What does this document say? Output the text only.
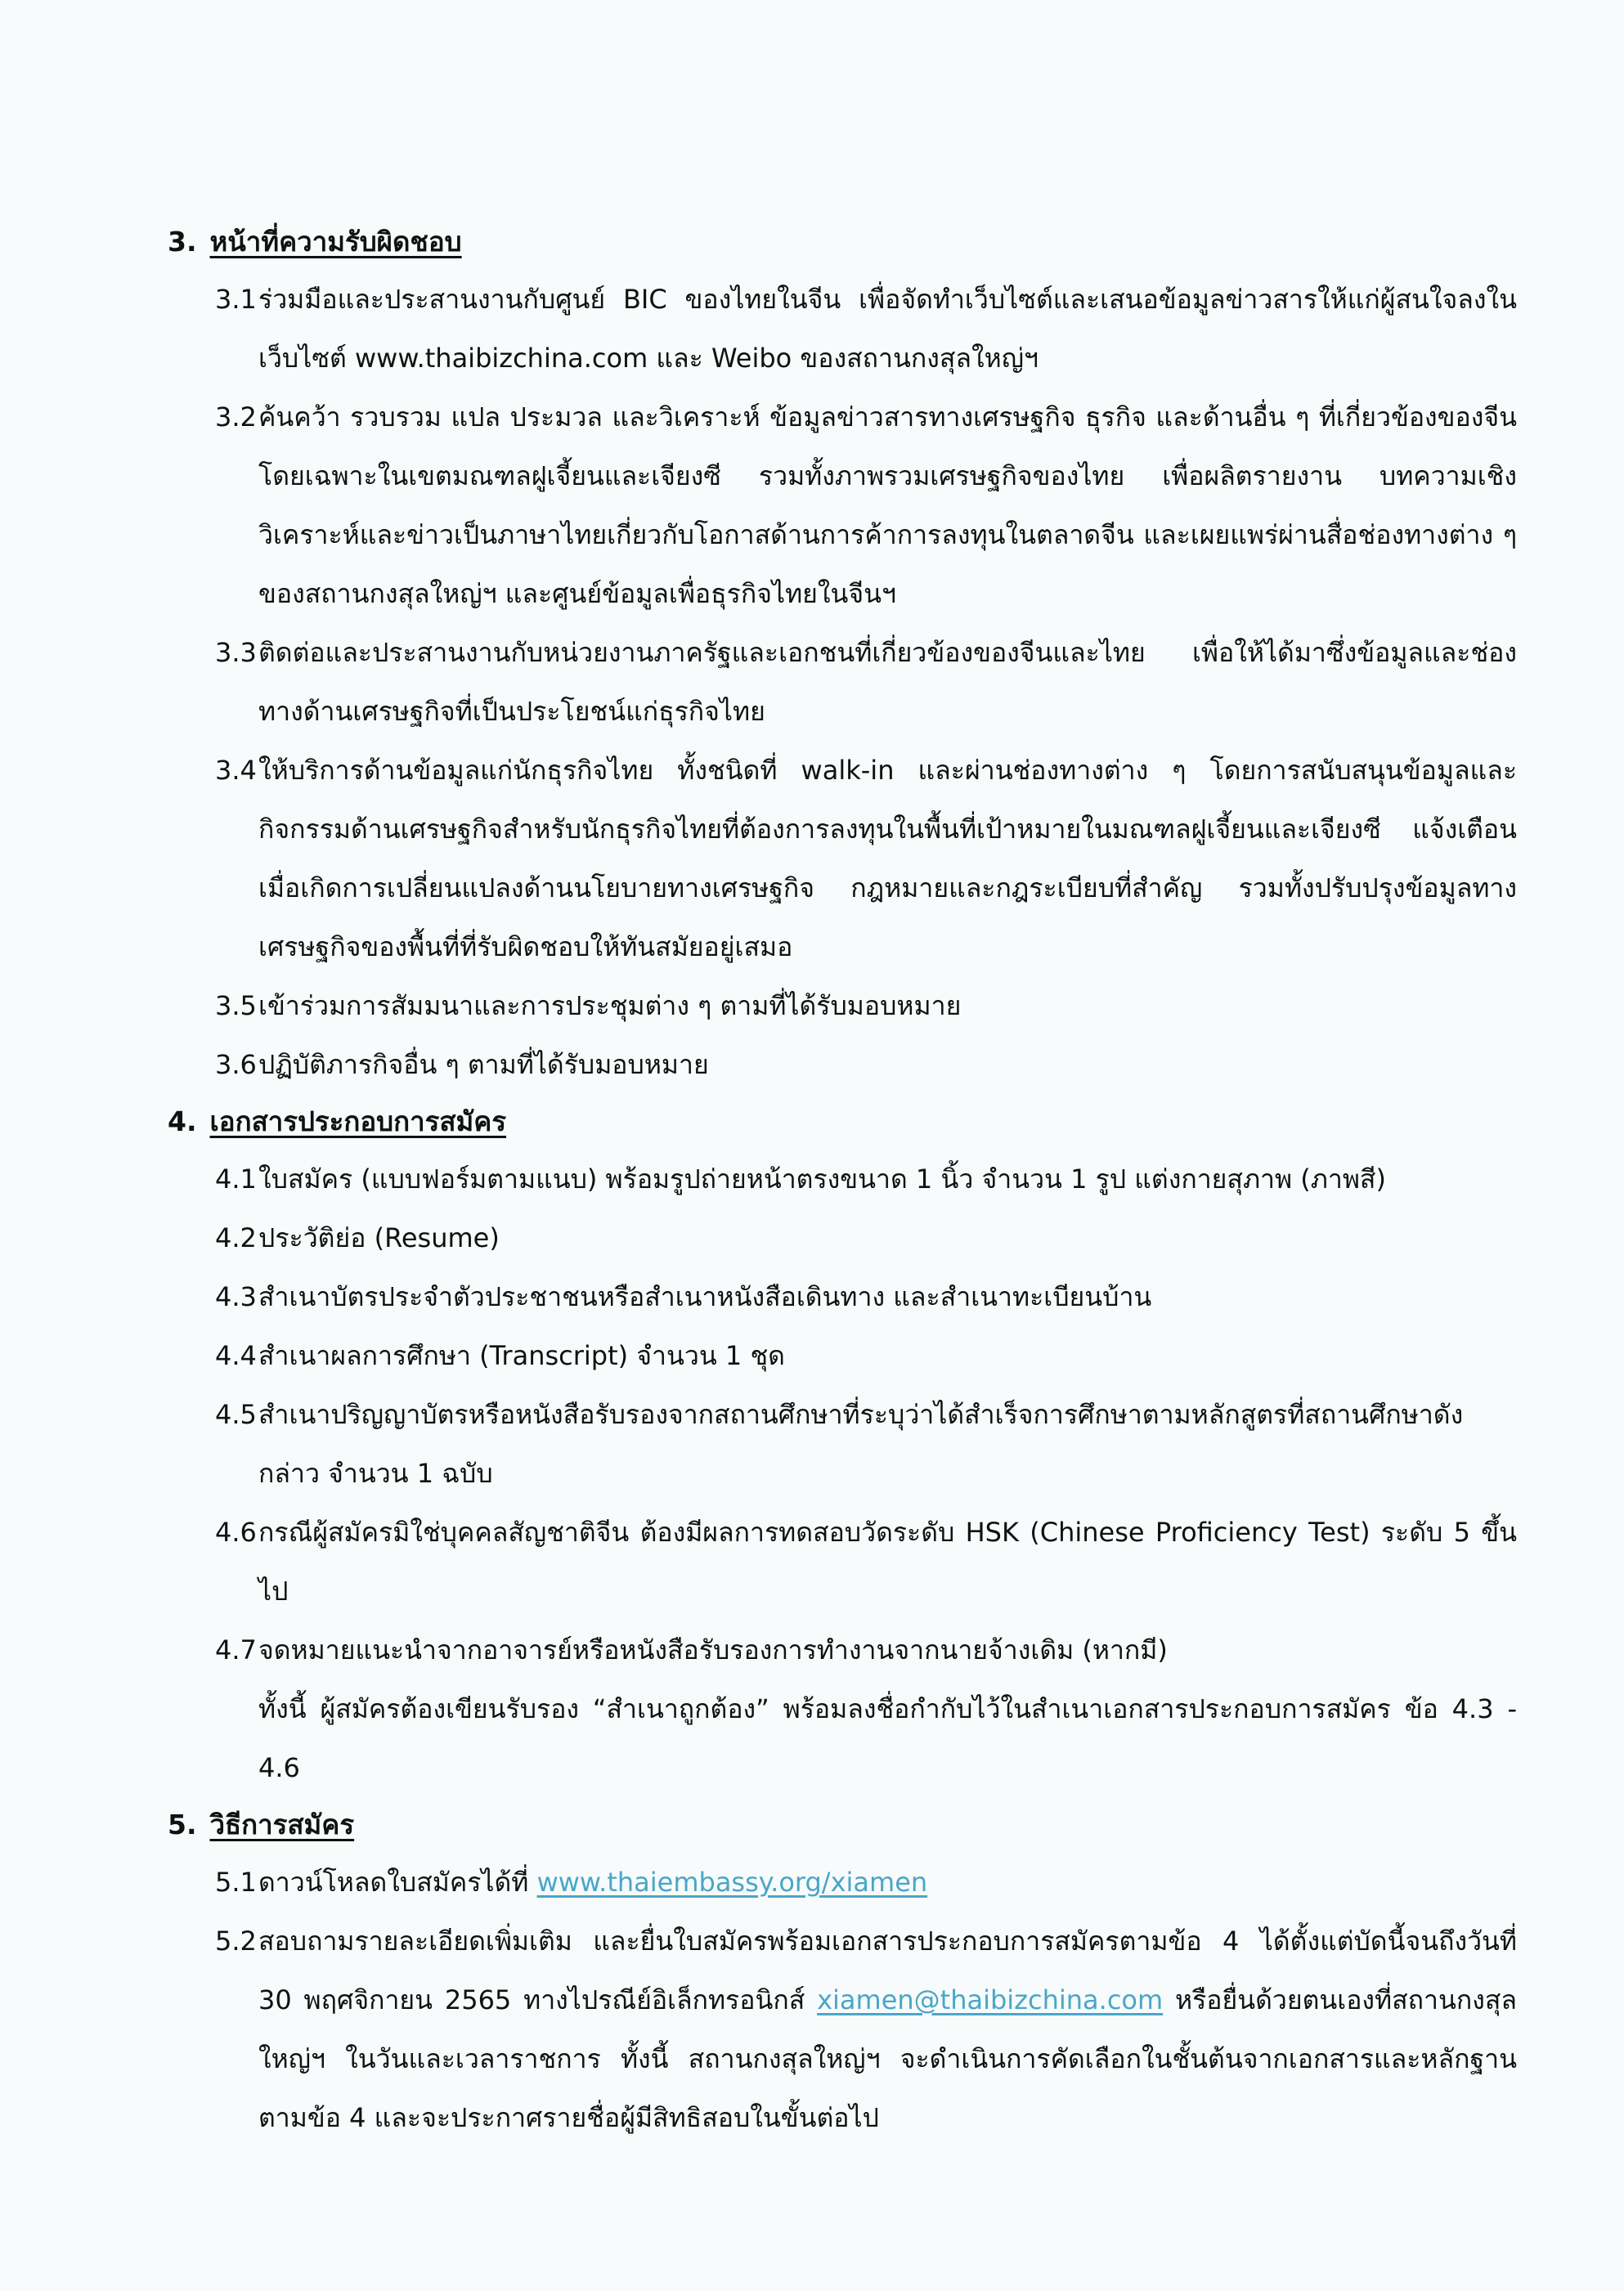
3. หน้าที่ความรับผิดชอบ

3.1ร่วมมือและประสานงานกับศูนย์ BIC ของไทยในจีน เพื่อจัดทำเว็บไซต์และเสนอข้อมูลข่าวสารให้แก่ผู้สนใจลงในเว็บไซต์ www.thaibizchina.com และ Weibo ของสถานกงสุลใหญ่ฯ

3.2ค้นคว้า รวบรวม แปล ประมวล และวิเคราะห์ ข้อมูลข่าวสารทางเศรษฐกิจ ธุรกิจ และด้านอื่น ๆ ที่เกี่ยวข้องของจีน โดยเฉพาะในเขตมณฑลฝูเจี้ยนและเจียงซี รวมทั้งภาพรวมเศรษฐกิจของไทย เพื่อผลิตรายงาน บทความเชิงวิเคราะห์และข่าวเป็นภาษาไทยเกี่ยวกับโอกาสด้านการค้าการลงทุนในตลาดจีน และเผยแพร่ผ่านสื่อช่องทางต่าง ๆ ของสถานกงสุลใหญ่ฯ และศูนย์ข้อมูลเพื่อธุรกิจไทยในจีนฯ

3.3ติดต่อและประสานงานกับหน่วยงานภาครัฐและเอกชนที่เกี่ยวข้องของจีนและไทย เพื่อให้ได้มาซึ่งข้อมูลและช่องทางด้านเศรษฐกิจที่เป็นประโยชน์แก่ธุรกิจไทย

3.4ให้บริการด้านข้อมูลแก่นักธุรกิจไทย ทั้งชนิดที่ walk-in และผ่านช่องทางต่าง ๆ โดยการสนับสนุนข้อมูลและกิจกรรมด้านเศรษฐกิจสำหรับนักธุรกิจไทยที่ต้องการลงทุนในพื้นที่เป้าหมายในมณฑลฝูเจี้ยนและเจียงซี แจ้งเตือนเมื่อเกิดการเปลี่ยนแปลงด้านนโยบายทางเศรษฐกิจ กฎหมายและกฎระเบียบที่สำคัญ รวมทั้งปรับปรุงข้อมูลทางเศรษฐกิจของพื้นที่ที่รับผิดชอบให้ทันสมัยอยู่เสมอ

3.5เข้าร่วมการสัมมนาและการประชุมต่าง ๆ ตามที่ได้รับมอบหมาย

3.6ปฏิบัติภารกิจอื่น ๆ ตามที่ได้รับมอบหมาย

4. เอกสารประกอบการสมัคร

4.1ใบสมัคร (แบบฟอร์มตามแนบ) พร้อมรูปถ่ายหน้าตรงขนาด 1 นิ้ว จำนวน 1 รูป แต่งกายสุภาพ (ภาพสี)

4.2ประวัติย่อ (Resume)

4.3สำเนาบัตรประจำตัวประชาชนหรือสำเนาหนังสือเดินทาง และสำเนาทะเบียนบ้าน

4.4สำเนาผลการศึกษา (Transcript) จำนวน 1 ชุด

4.5สำเนาปริญญาบัตรหรือหนังสือรับรองจากสถานศึกษาที่ระบุว่าได้สำเร็จการศึกษาตามหลักสูตรที่สถานศึกษาดังกล่าว จำนวน 1 ฉบับ

4.6กรณีผู้สมัครมิใช่บุคคลสัญชาติจีน ต้องมีผลการทดสอบวัดระดับ HSK (Chinese Proficiency Test) ระดับ 5 ขึ้นไป

4.7จดหมายแนะนำจากอาจารย์หรือหนังสือรับรองการทำงานจากนายจ้างเดิม (หากมี)

ทั้งนี้ ผู้สมัครต้องเขียนรับรอง “สำเนาถูกต้อง” พร้อมลงชื่อกำกับไว้ในสำเนาเอกสารประกอบการสมัคร ข้อ 4.3 - 4.6

5. วิธีการสมัคร

5.1ดาวน์โหลดใบสมัครได้ที่ www.thaiembassy.org/xiamen

5.2สอบถามรายละเอียดเพิ่มเติม และยื่นใบสมัครพร้อมเอกสารประกอบการสมัครตามข้อ 4 ได้ตั้งแต่บัดนี้จนถึงวันที่ 30 พฤศจิกายน 2565 ทางไปรณีย์อิเล็กทรอนิกส์ xiamen@thaibizchina.com หรือยื่นด้วยตนเองที่สถานกงสุลใหญ่ฯ ในวันและเวลาราชการ ทั้งนี้ สถานกงสุลใหญ่ฯ จะดำเนินการคัดเลือกในชั้นต้นจากเอกสารและหลักฐานตามข้อ 4 และจะประกาศรายชื่อผู้มีสิทธิสอบในขั้นต่อไป
